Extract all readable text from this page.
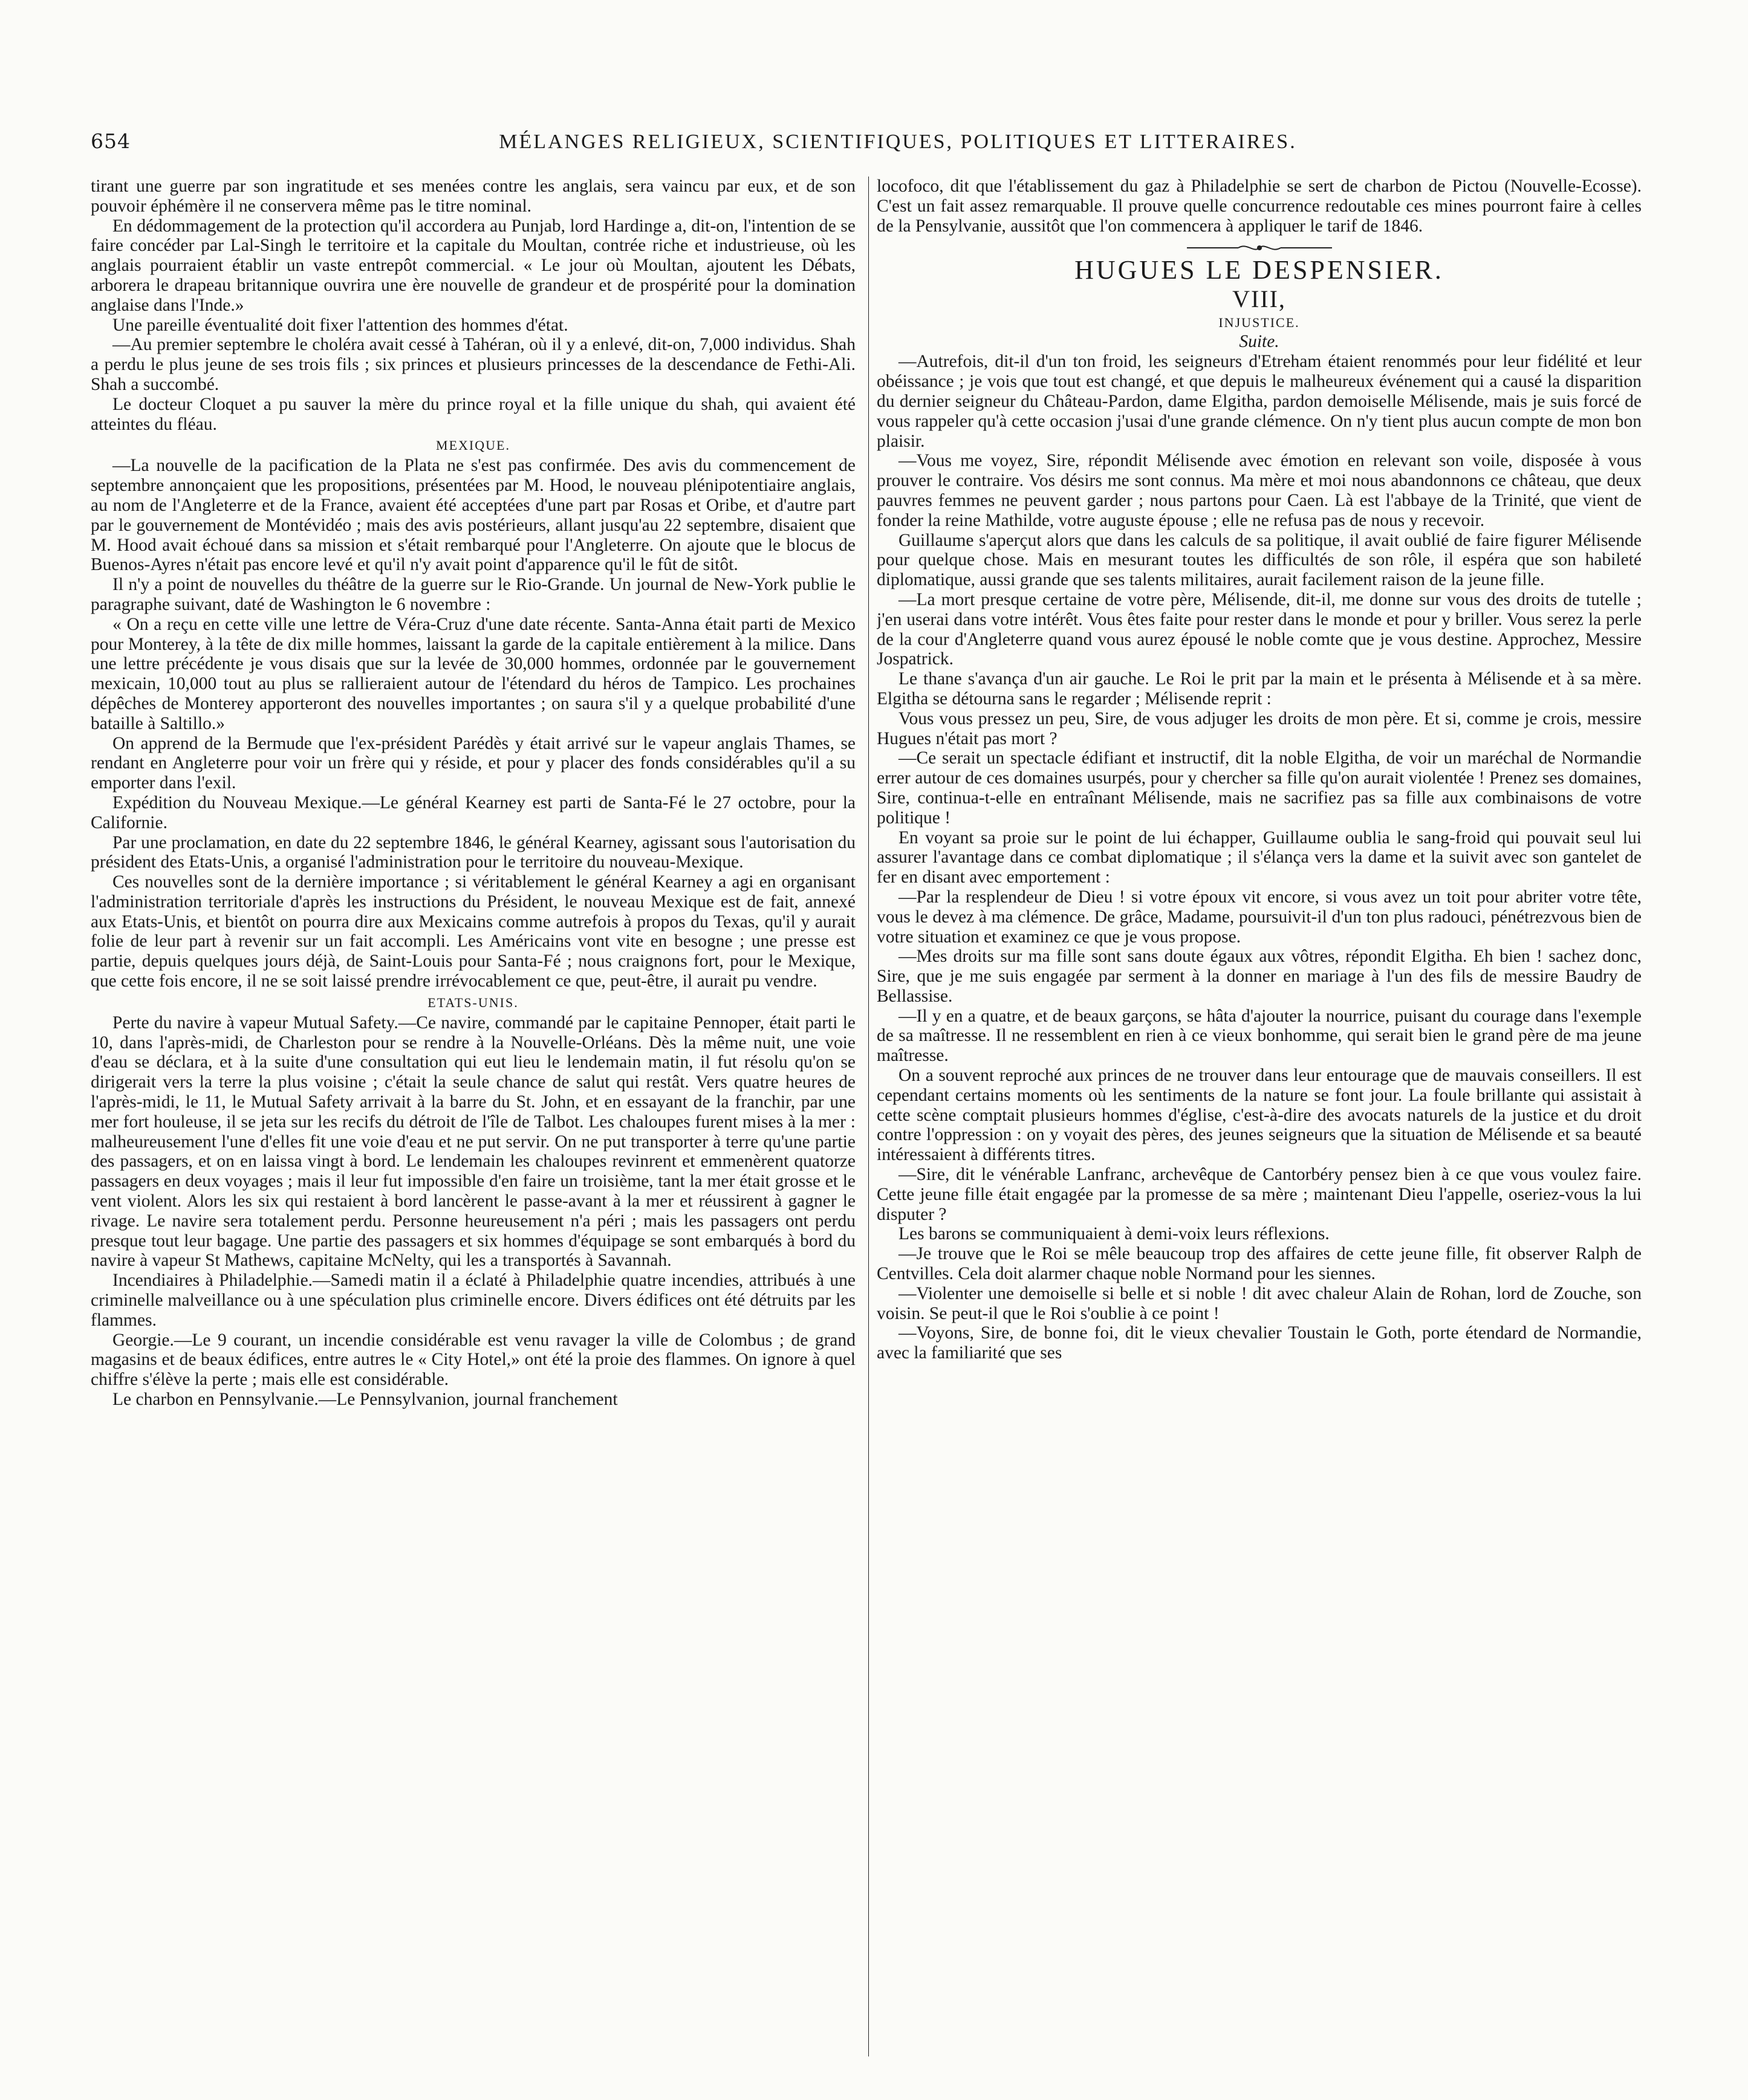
654	MÉLANGES RELIGIEUX, SCIENTIFIQUES, POLITIQUES ET LITTERAIRES.

tirant une guerre par son ingratitude et ses menées contre les anglais, sera vaincu par eux, et de son pouvoir éphémère il ne conservera même pas le titre nominal.

En dédommagement de la protection qu'il accordera au Punjab, lord Hardinge a, dit-on, l'intention de se faire concéder par Lal-Singh le territoire et la capitale du Moultan, contrée riche et industrieuse, où les anglais pourraient établir un vaste entrepôt commercial. « Le jour où Moultan, ajoutent les Débats, arborera le drapeau britannique ouvrira une ère nouvelle de grandeur et de prospérité pour la domination anglaise dans l'Inde.»

Une pareille éventualité doit fixer l'attention des hommes d'état.

—Au premier septembre le choléra avait cessé à Tahéran, où il y a enlevé, dit-on, 7,000 individus. Shah a perdu le plus jeune de ses trois fils ; six princes et plusieurs princesses de la descendance de Fethi-Ali. Shah a succombé.

Le docteur Cloquet a pu sauver la mère du prince royal et la fille unique du shah, qui avaient été atteintes du fléau.

MEXIQUE.

—La nouvelle de la pacification de la Plata ne s'est pas confirmée. Des avis du commencement de septembre annonçaient que les propositions, présentées par M. Hood, le nouveau plénipotentiaire anglais, au nom de l'Angleterre et de la France, avaient été acceptées d'une part par Rosas et Oribe, et d'autre part par le gouvernement de Montévidéo ; mais des avis postérieurs, allant jusqu'au 22 septembre, disaient que M. Hood avait échoué dans sa mission et s'était rembarqué pour l'Angleterre. On ajoute que le blocus de Buenos-Ayres n'était pas encore levé et qu'il n'y avait point d'apparence qu'il le fût de sitôt.

Il n'y a point de nouvelles du théâtre de la guerre sur le Rio-Grande. Un journal de New-York publie le paragraphe suivant, daté de Washington le 6 novembre :

« On a reçu en cette ville une lettre de Véra-Cruz d'une date récente. Santa-Anna était parti de Mexico pour Monterey, à la tête de dix mille hommes, laissant la garde de la capitale entièrement à la milice. Dans une lettre précédente je vous disais que sur la levée de 30,000 hommes, ordonnée par le gouvernement mexicain, 10,000 tout au plus se rallieraient autour de l'étendard du héros de Tampico. Les prochaines dépêches de Monterey apporteront des nouvelles importantes ; on saura s'il y a quelque probabilité d'une bataille à Saltillo.»

On apprend de la Bermude que l'ex-président Parédès y était arrivé sur le vapeur anglais Thames, se rendant en Angleterre pour voir un frère qui y réside, et pour y placer des fonds considérables qu'il a su emporter dans l'exil.

Expédition du Nouveau Mexique.—Le général Kearney est parti de Santa-Fé le 27 octobre, pour la Californie.

Par une proclamation, en date du 22 septembre 1846, le général Kearney, agissant sous l'autorisation du président des Etats-Unis, a organisé l'administration pour le territoire du nouveau-Mexique.

Ces nouvelles sont de la dernière importance ; si véritablement le général Kearney a agi en organisant l'administration territoriale d'après les instructions du Président, le nouveau Mexique est de fait, annexé aux Etats-Unis, et bientôt on pourra dire aux Mexicains comme autrefois à propos du Texas, qu'il y aurait folie de leur part à revenir sur un fait accompli. Les Américains vont vite en besogne ; une presse est partie, depuis quelques jours déjà, de Saint-Louis pour Santa-Fé ; nous craignons fort, pour le Mexique, que cette fois encore, il ne se soit laissé prendre irrévocablement ce que, peut-être, il aurait pu vendre.

ETATS-UNIS.

Perte du navire à vapeur Mutual Safety.—Ce navire, commandé par le capitaine Pennoper, était parti le 10, dans l'après-midi, de Charleston pour se rendre à la Nouvelle-Orléans. Dès la même nuit, une voie d'eau se déclara, et à la suite d'une consultation qui eut lieu le lendemain matin, il fut résolu qu'on se dirigerait vers la terre la plus voisine ; c'était la seule chance de salut qui restât. Vers quatre heures de l'après-midi, le 11, le Mutual Safety arrivait à la barre du St. John, et en essayant de la franchir, par une mer fort houleuse, il se jeta sur les recifs du détroit de l'île de Talbot. Les chaloupes furent mises à la mer : malheureusement l'une d'elles fit une voie d'eau et ne put servir. On ne put transporter à terre qu'une partie des passagers, et on en laissa vingt à bord. Le lendemain les chaloupes revinrent et emmenèrent quatorze passagers en deux voyages ; mais il leur fut impossible d'en faire un troisième, tant la mer était grosse et le vent violent. Alors les six qui restaient à bord lancèrent le passe-avant à la mer et réussirent à gagner le rivage. Le navire sera totalement perdu. Personne heureusement n'a péri ; mais les passagers ont perdu presque tout leur bagage. Une partie des passagers et six hommes d'équipage se sont embarqués à bord du navire à vapeur St Mathews, capitaine McNelty, qui les a transportés à Savannah.

Incendiaires à Philadelphie.—Samedi matin il a éclaté à Philadelphie quatre incendies, attribués à une criminelle malveillance ou à une spéculation plus criminelle encore. Divers édifices ont été détruits par les flammes.

Georgie.—Le 9 courant, un incendie considérable est venu ravager la ville de Colombus ; de grand magasins et de beaux édifices, entre autres le « City Hotel,» ont été la proie des flammes. On ignore à quel chiffre s'élève la perte ; mais elle est considérable.

Le charbon en Pennsylvanie.—Le Pennsylvanion, journal franchement

locofoco, dit que l'établissement du gaz à Philadelphie se sert de charbon de Pictou (Nouvelle-Ecosse). C'est un fait assez remarquable. Il prouve quelle concurrence redoutable ces mines pourront faire à celles de la Pensylvanie, aussitôt que l'on commencera à appliquer le tarif de 1846.

HUGUES LE DESPENSIER.
VIII,
INJUSTICE.
Suite.

—Autrefois, dit-il d'un ton froid, les seigneurs d'Etreham étaient renommés pour leur fidélité et leur obéissance ; je vois que tout est changé, et que depuis le malheureux événement qui a causé la disparition du dernier seigneur du Château-Pardon, dame Elgitha, pardon demoiselle Mélisende, mais je suis forcé de vous rappeler qu'à cette occasion j'usai d'une grande clémence. On n'y tient plus aucun compte de mon bon plaisir.

—Vous me voyez, Sire, répondit Mélisende avec émotion en relevant son voile, disposée à vous prouver le contraire. Vos désirs me sont connus. Ma mère et moi nous abandonnons ce château, que deux pauvres femmes ne peuvent garder ; nous partons pour Caen. Là est l'abbaye de la Trinité, que vient de fonder la reine Mathilde, votre auguste épouse ; elle ne refusa pas de nous y recevoir.

Guillaume s'aperçut alors que dans les calculs de sa politique, il avait oublié de faire figurer Mélisende pour quelque chose. Mais en mesurant toutes les difficultés de son rôle, il espéra que son habileté diplomatique, aussi grande que ses talents militaires, aurait facilement raison de la jeune fille.

—La mort presque certaine de votre père, Mélisende, dit-il, me donne sur vous des droits de tutelle ; j'en userai dans votre intérêt. Vous êtes faite pour rester dans le monde et pour y briller. Vous serez la perle de la cour d'Angleterre quand vous aurez épousé le noble comte que je vous destine. Approchez, Messire Jospatrick.

Le thane s'avança d'un air gauche. Le Roi le prit par la main et le présenta à Mélisende et à sa mère. Elgitha se détourna sans le regarder ; Mélisende reprit :

Vous vous pressez un peu, Sire, de vous adjuger les droits de mon père. Et si, comme je crois, messire Hugues n'était pas mort ?

—Ce serait un spectacle édifiant et instructif, dit la noble Elgitha, de voir un maréchal de Normandie errer autour de ces domaines usurpés, pour y chercher sa fille qu'on aurait violentée ! Prenez ses domaines, Sire, continua-t-elle en entraînant Mélisende, mais ne sacrifiez pas sa fille aux combinaisons de votre politique !

En voyant sa proie sur le point de lui échapper, Guillaume oublia le sang-froid qui pouvait seul lui assurer l'avantage dans ce combat diplomatique ; il s'élança vers la dame et la suivit avec son gantelet de fer en disant avec emportement :

—Par la resplendeur de Dieu ! si votre époux vit encore, si vous avez un toit pour abriter votre tête, vous le devez à ma clémence. De grâce, Madame, poursuivit-il d'un ton plus radouci, pénétrezvous bien de votre situation et examinez ce que je vous propose.

—Mes droits sur ma fille sont sans doute égaux aux vôtres, répondit Elgitha. Eh bien ! sachez donc, Sire, que je me suis engagée par serment à la donner en mariage à l'un des fils de messire Baudry de Bellassise.

—Il y en a quatre, et de beaux garçons, se hâta d'ajouter la nourrice, puisant du courage dans l'exemple de sa maîtresse. Il ne ressemblent en rien à ce vieux bonhomme, qui serait bien le grand père de ma jeune maîtresse.

On a souvent reproché aux princes de ne trouver dans leur entourage que de mauvais conseillers. Il est cependant certains moments où les sentiments de la nature se font jour. La foule brillante qui assistait à cette scène comptait plusieurs hommes d'église, c'est-à-dire des avocats naturels de la justice et du droit contre l'oppression : on y voyait des pères, des jeunes seigneurs que la situation de Mélisende et sa beauté intéressaient à différents titres.

—Sire, dit le vénérable Lanfranc, archevêque de Cantorbéry pensez bien à ce que vous voulez faire. Cette jeune fille était engagée par la promesse de sa mère ; maintenant Dieu l'appelle, oseriez-vous la lui disputer ?

Les barons se communiquaient à demi-voix leurs réflexions.

—Je trouve que le Roi se mêle beaucoup trop des affaires de cette jeune fille, fit observer Ralph de Centvilles. Cela doit alarmer chaque noble Normand pour les siennes.

—Violenter une demoiselle si belle et si noble ! dit avec chaleur Alain de Rohan, lord de Zouche, son voisin. Se peut-il que le Roi s'oublie à ce point !

—Voyons, Sire, de bonne foi, dit le vieux chevalier Toustain le Goth, porte étendard de Normandie, avec la familiarité que ses
